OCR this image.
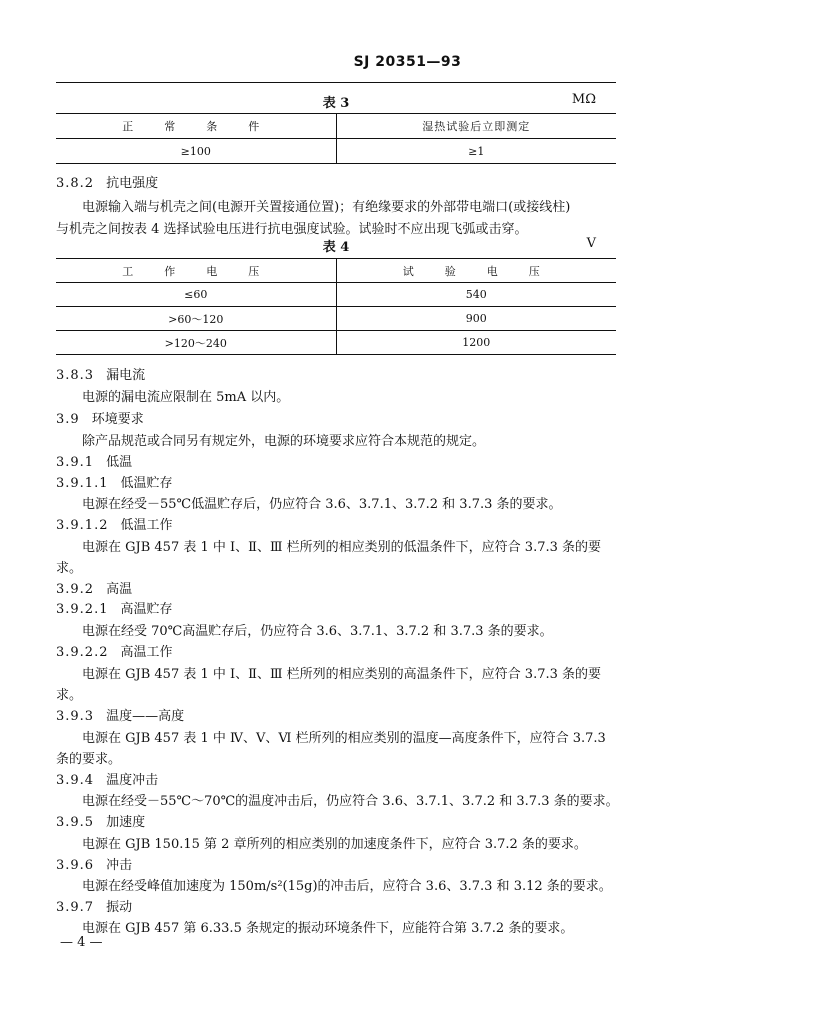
SJ 20351—93
表 3	MΩ
正　常　条　件	湿热试验后立即测定
≥100	≥1
3.8.2 抗电强度
电源输入端与机壳之间(电源开关置接通位置)；有绝缘要求的外部带电端口(或接线柱)
与机壳之间按表 4 选择试验电压进行抗电强度试验。试验时不应出现飞弧或击穿。
表 4	V
工　作　电　压	试　验　电　压
≤60	540
>60～120	900
>120～240	1200
3.8.3 漏电流
电源的漏电流应限制在 5mA 以内。
3.9 环境要求
除产品规范或合同另有规定外，电源的环境要求应符合本规范的规定。
3.9.1 低温
3.9.1.1 低温贮存
电源在经受－55℃低温贮存后，仍应符合 3.6、3.7.1、3.7.2 和 3.7.3 条的要求。
3.9.1.2 低温工作
电源在 GJB 457 表 1 中 Ⅰ、Ⅱ、Ⅲ 栏所列的相应类别的低温条件下，应符合 3.7.3 条的要
求。
3.9.2 高温
3.9.2.1 高温贮存
电源在经受 70℃高温贮存后，仍应符合 3.6、3.7.1、3.7.2 和 3.7.3 条的要求。
3.9.2.2 高温工作
电源在 GJB 457 表 1 中 Ⅰ、Ⅱ、Ⅲ 栏所列的相应类别的高温条件下，应符合 3.7.3 条的要
求。
3.9.3 温度——高度
电源在 GJB 457 表 1 中 Ⅳ、Ⅴ、Ⅵ 栏所列的相应类别的温度—高度条件下，应符合 3.7.3
条的要求。
3.9.4 温度冲击
电源在经受－55℃～70℃的温度冲击后，仍应符合 3.6、3.7.1、3.7.2 和 3.7.3 条的要求。
3.9.5 加速度
电源在 GJB 150.15 第 2 章所列的相应类别的加速度条件下，应符合 3.7.2 条的要求。
3.9.6 冲击
电源在经受峰值加速度为 150m/s²(15g)的冲击后，应符合 3.6、3.7.3 和 3.12 条的要求。
3.9.7 振动
电源在 GJB 457 第 6.33.5 条规定的振动环境条件下，应能符合第 3.7.2 条的要求。
— 4 —
